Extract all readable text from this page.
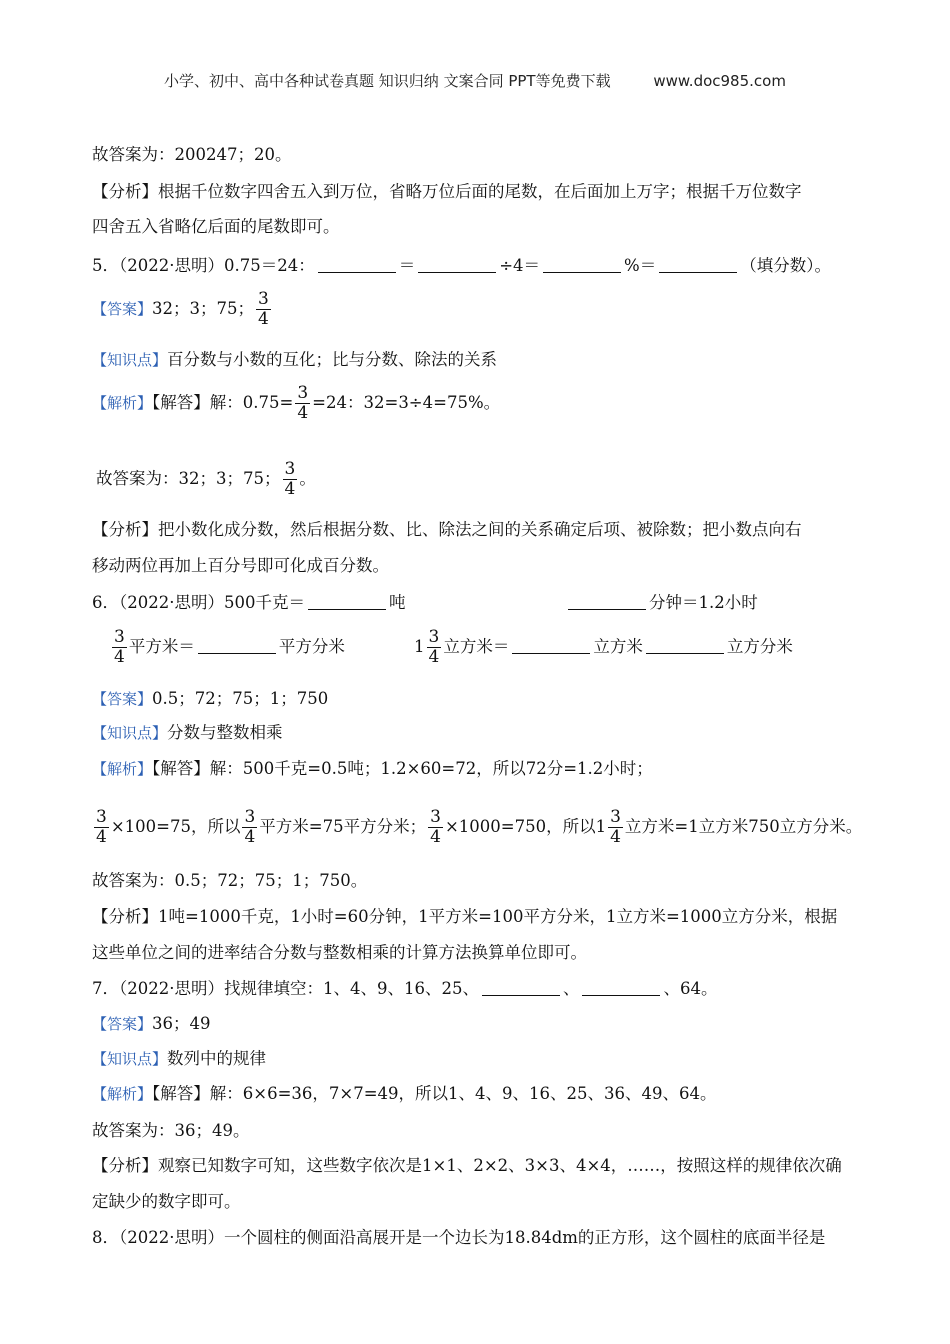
小学、初中、高中各种试卷真题 知识归纳 文案合同 PPT等免费下载	www.doc985.com
故答案为：200247；20。
【分析】根据千位数字四舍五入到万位，省略万位后面的尾数，在后面加上万字；根据千万位数字
四舍五入省略亿后面的尾数即可。
5．（2022·思明）0.75＝24：	＝	÷4＝	%＝	（填分数）。
【答案】32；3；75； $\frac{3}{4}$
【知识点】百分数与小数的互化；比与分数、除法的关系
【解析】【解答】解：$0.75= \frac{3}{4} =24$：32=3÷4=75%。
故答案为：32；3；75； $\frac{3}{4}$ 。
【分析】把小数化成分数，然后根据分数、比、除法之间的关系确定后项、被除数；把小数点向右
移动两位再加上百分号即可化成百分数。
6．（2022·思明）500千克＝	吨	分钟＝1.2小时
$\frac{3}{4}$ 平方米＝	平方分米	$1 \frac{3}{4}$ 立方米＝	立方米	立方分米
【答案】0.5；72；75；1；750
【知识点】分数与整数相乘
【解析】【解答】解：500千克=0.5吨；1.2×60=72，所以72分=1.2小时；
$\frac{3}{4} \times 100=75$，所以 $\frac{3}{4}$ 平方米=75平方分米； $\frac{3}{4} \times 1000=750$，所以$1 \frac{3}{4}$ 立方米=1立方米750立方分米。
故答案为：0.5；72；75；1；750。
【分析】1吨=1000千克，1小时=60分钟，1平方米=100平方分米，1立方米=1000立方分米，根据
这些单位之间的进率结合分数与整数相乘的计算方法换算单位即可。
7．（2022·思明）找规律填空：1、4、9、16、25、	、	、64。
【答案】36；49
【知识点】数列中的规律
【解析】【解答】解：6×6=36，7×7=49，所以1、4、9、16、25、36、49、64。
故答案为：36；49。
【分析】观察已知数字可知，这些数字依次是1×1、2×2、3×3、4×4，……，按照这样的规律依次确
定缺少的数字即可。
8．（2022·思明）一个圆柱的侧面沿高展开是一个边长为18.84dm的正方形，这个圆柱的底面半径是
